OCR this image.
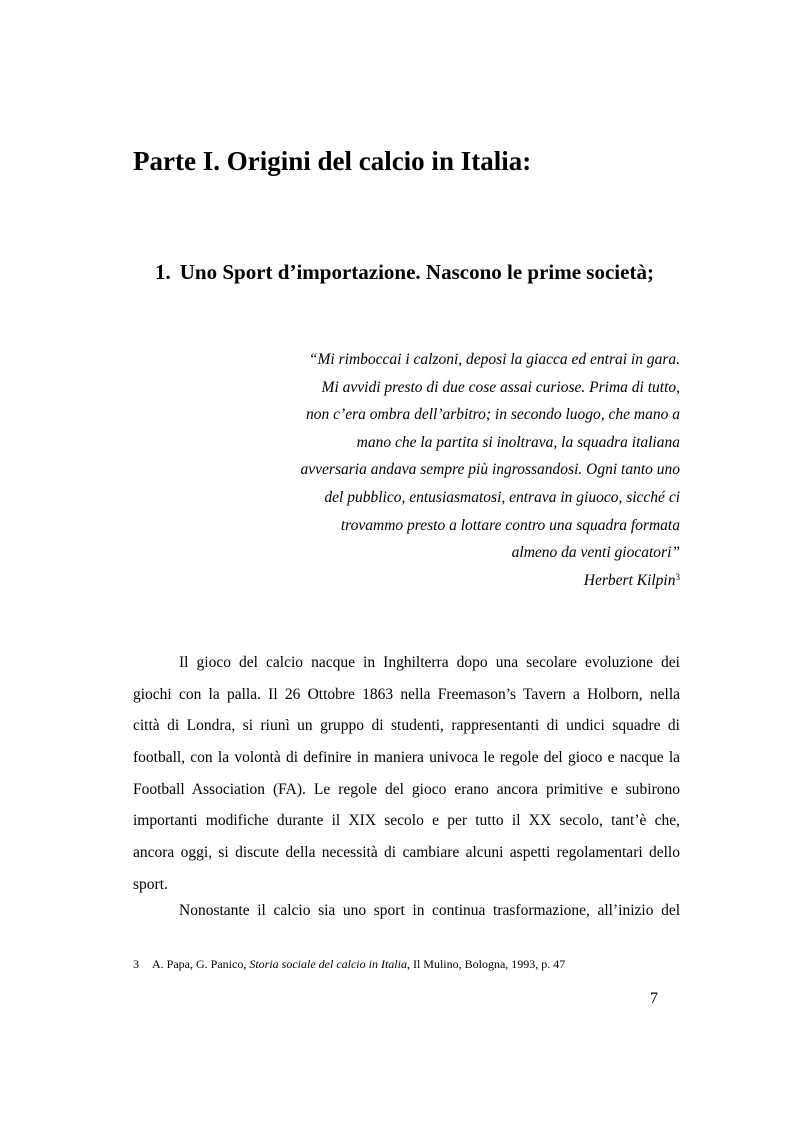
Parte I. Origini del calcio in Italia:
1. Uno Sport d’importazione. Nascono le prime società;
“Mi rimboccai i calzoni, deposi la giacca ed entrai in gara.
Mi avvidi presto di due cose assai curiose. Prima di tutto,
non c’era ombra dell’arbitro; in secondo luogo, che mano a
mano che la partita si inoltrava, la squadra italiana
avversaria andava sempre più ingrossandosi. Ogni tanto uno
del pubblico, entusiasmatosi, entrava in giuoco, sicché ci
trovammo presto a lottare contro una squadra formata
almeno da venti giocatori”
Herbert Kilpin$^3$
Il gioco del calcio nacque in Inghilterra dopo una secolare evoluzione dei
giochi con la palla. Il 26 Ottobre 1863 nella Freemason’s Tavern a Holborn, nella
città di Londra, si riunì un gruppo di studenti, rappresentanti di undici squadre di
football, con la volontà di definire in maniera univoca le regole del gioco e nacque la
Football Association (FA). Le regole del gioco erano ancora primitive e subirono
importanti modifiche durante il XIX secolo e per tutto il XX secolo, tant’è che,
ancora oggi, si discute della necessità di cambiare alcuni aspetti regolamentari dello
sport.
Nonostante il calcio sia uno sport in continua trasformazione, all’inizio del

3 A. Papa, G. Panico, Storia sociale del calcio in Italia, Il Mulino, Bologna, 1993, p. 47

7
